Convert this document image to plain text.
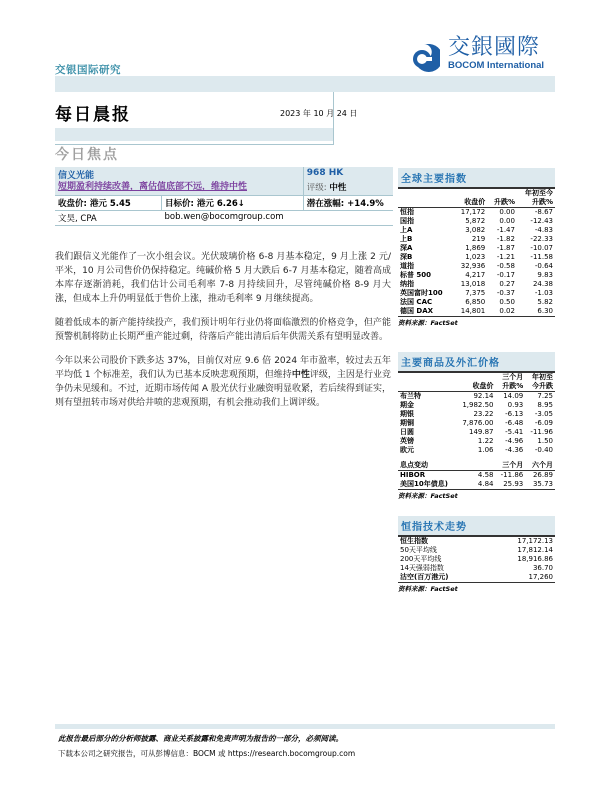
交银国际研究
交銀國際
BOCOM International
每日晨报	2023 年 10 月 24 日
今日焦点
信义光能
短期盈利持续改善，离估值底部不远，维持中性

968 HK
评级: 中性

收盘价: 港元 5.45	目标价: 港元 6.26↓	潜在涨幅: +14.9%
文昊, CPA	bob.wen@bocomgroup.com	

我们跟信义光能作了一次小组会议。光伏玻璃价格 6-8 月基本稳定，9 月上涨 2 元/平米，10 月公司售价仍保持稳定。纯碱价格 5 月大跌后 6-7 月基本稳定，随着高成本库存逐渐消耗，我们估计公司毛利率 7-8 月持续回升，尽管纯碱价格 8-9 月大涨，但成本上升仍明显低于售价上涨，推动毛利率 9 月继续提高。

随着低成本的新产能持续投产，我们预计明年行业仍将面临激烈的价格竞争，但产能预警机制将防止长期严重产能过剩，待落后产能出清后后年供需关系有望明显改善。

今年以来公司股价下跌多达 37%，目前仅对应 9.6 倍 2024 年市盈率，较过去五年平均低 1 个标准差，我们认为已基本反映悲观预期，但维持中性评级，主因是行业竞争仍未见缓和。不过，近期市场传闻 A 股光伏行业融资明显收紧，若后续得到证实，则有望扭转市场对供给井喷的悲观预期，有机会推动我们上调评级。

全球主要指数
			年初至今
	收盘价	升跌%	升跌%
恒指	17,172	0.00	-8.67
国指	5,872	0.00	-12.43
上A	3,082	-1.47	-4.83
上B	219	-1.82	-22.33
深A	1,869	-1.87	-10.07
深B	1,023	-1.21	-11.58
道指	32,936	-0.58	-0.64
标普 500	4,217	-0.17	9.83
纳指	13,018	0.27	24.38
英国富时100	7,375	-0.37	-1.03
法国 CAC	6,850	0.50	5.82
德国 DAX	14,801	0.02	6.30
资料来源：FactSet
主要商品及外汇价格
		三个月	年初至
	收盘价	升跌%	今升跌
布兰特	92.14	14.09	7.25
期金	1,982.50	0.93	8.95
期银	23.22	-6.13	-3.05
期铜	7,876.00	-6.48	-6.09
日圆	149.87	-5.41	-11.96
英镑	1.22	-4.96	1.50
欧元	1.06	-4.36	-0.40

息点变动		三个月	六个月
HIBOR	4.58	-11.86	26.89
美国10年债息)	4.84	25.93	35.73
资料来源：FactSet
恒指技术走势
恒生指数	17,172.13
50天平均线	17,812.14
200天平均线	18,916.86
14天强弱指数	36.70
沽空(百万港元)	17,260
资料来源：FactSet
此报告最后部分的分析师披露、商业关系披露和免责声明为报告的一部分，必须阅读。
下载本公司之研究报告，可从彭博信息：BOCM 或 https://research.bocomgroup.com
